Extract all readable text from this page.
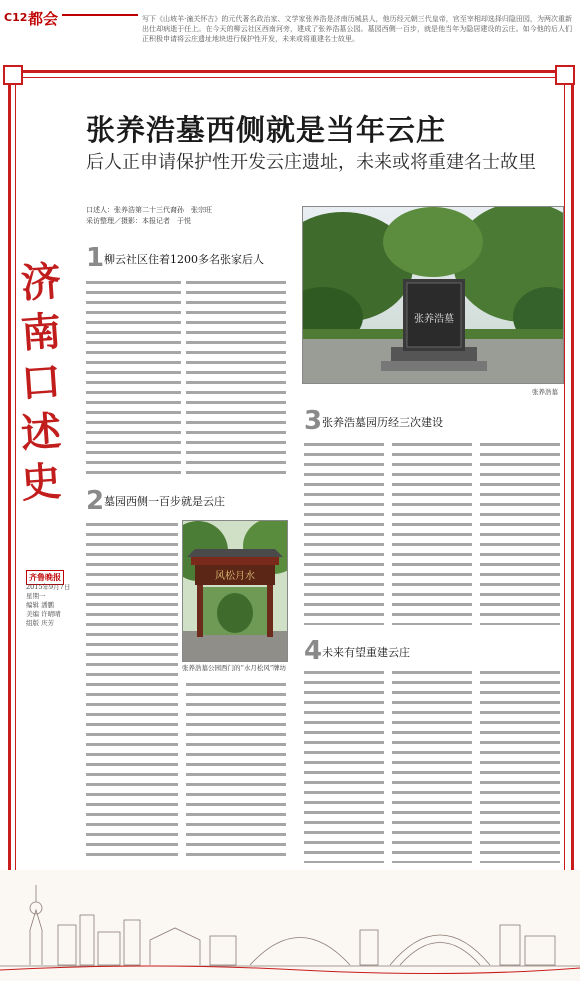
C12 都会	写下《山坡羊·潼关怀古》的元代著名政治家、文学家张养浩是济南历城县人，他历经元朝三代皇帝，官至宰相却选择归隐田园，为两次重新出仕却病逝于任上。在今天的柳云社区西南河旁，建成了张养浩墓公园。墓园西侧一百步，就是他当年为隐居建设的云庄。如今他的后人们正积极申请将云庄遗址地块进行保护性开发，未来或将重建名士故里。
张养浩墓西侧就是当年云庄
后人正申请保护性开发云庄遗址，未来或将重建名士故里
口述人：张养浩第二十三代裔孙　张宗旺
采访整理／摄影：本报记者　于悦
济
南
口
述
史
齐鲁晚报
2015年9月7日
星期一
编辑 潘鹏
美编 许晴晴
组版 庆芳
张养浩墓
张养浩墓
1 柳云社区住着1200多名张家后人
2 墓园西侧一百步就是云庄
风松月水
张养浩墓公园西门的“水月松风”牌坊
3 张养浩墓园历经三次建设
4 未来有望重建云庄
